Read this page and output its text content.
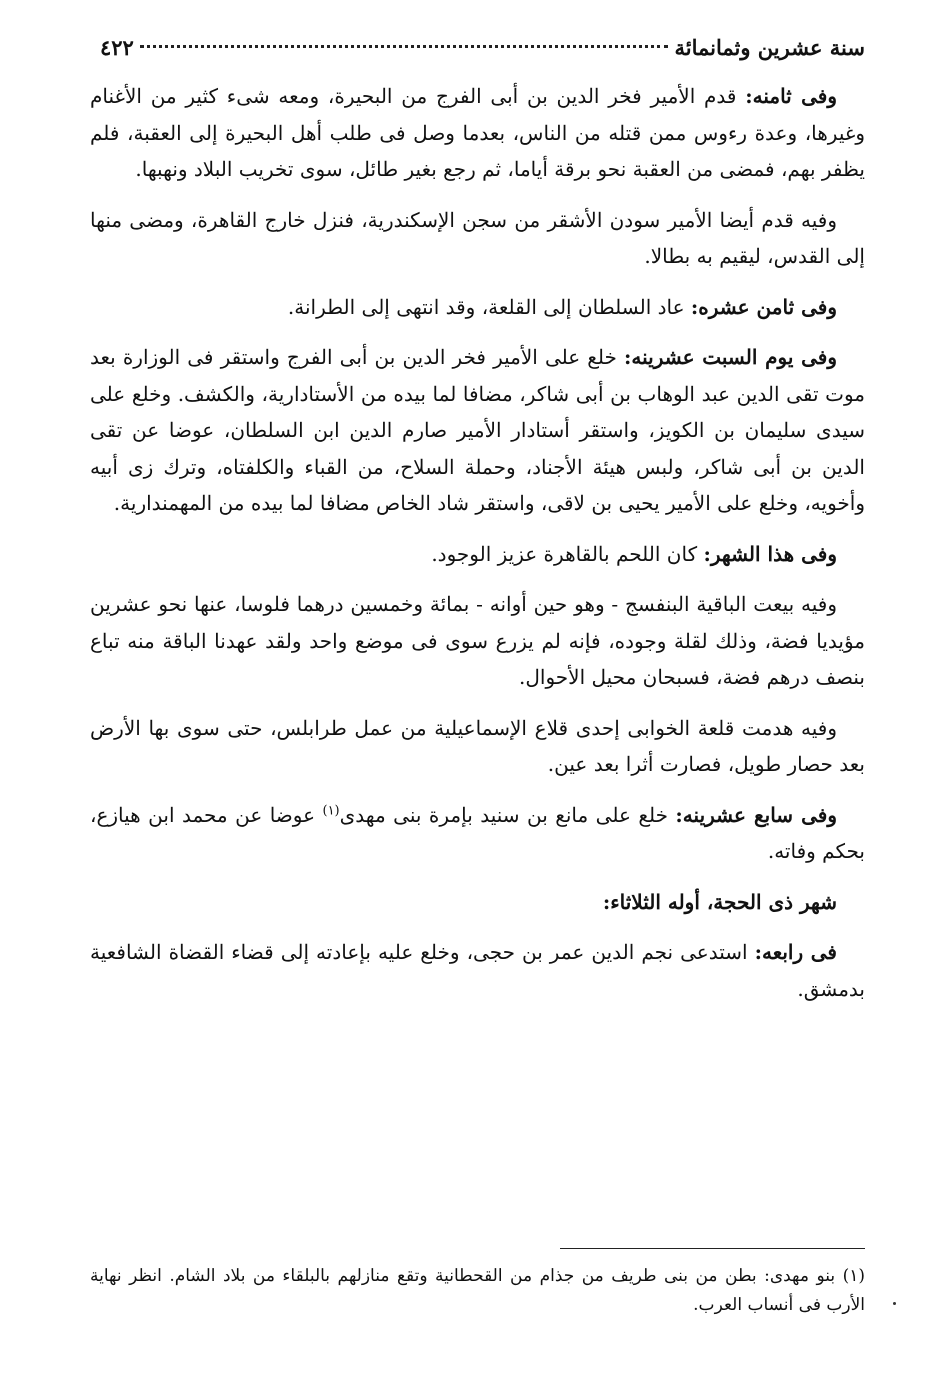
سنة عشرين وثمانمائة
٤٢٢

وفى ثامنه: قدم الأمير فخر الدين بن أبى الفرج من البحيرة، ومعه شىء كثير من الأغنام وغيرها، وعدة رءوس ممن قتله من الناس، بعدما وصل فى طلب أهل البحيرة إلى العقبة، فلم يظفر بهم، فمضى من العقبة نحو برقة أياما، ثم رجع بغير طائل، سوى تخريب البلاد ونهبها.

وفيه قدم أيضا الأمير سودن الأشقر من سجن الإسكندرية، فنزل خارج القاهرة، ومضى منها إلى القدس، ليقيم به بطالا.

وفى ثامن عشره: عاد السلطان إلى القلعة، وقد انتهى إلى الطرانة.

وفى يوم السبت عشرينه: خلع على الأمير فخر الدين بن أبى الفرج واستقر فى الوزارة بعد موت تقى الدين عبد الوهاب بن أبى شاكر، مضافا لما بيده من الأستادارية، والكشف. وخلع على سيدى سليمان بن الكويز، واستقر أستادار الأمير صارم الدين ابن السلطان، عوضا عن تقى الدين بن أبى شاكر، ولبس هيئة الأجناد، وحملة السلاح، من القباء والكلفتاه، وترك زى أبيه وأخويه، وخلع على الأمير يحيى بن لاقى، واستقر شاد الخاص مضافا لما بيده من المهمندارية.

وفى هذا الشهر: كان اللحم بالقاهرة عزيز الوجود.

وفيه بيعت الباقية البنفسج - وهو حين أوانه - بمائة وخمسين درهما فلوسا، عنها نحو عشرين مؤيديا فضة، وذلك لقلة وجوده، فإنه لم يزرع سوى فى موضع واحد ولقد عهدنا الباقة منه تباع بنصف درهم فضة، فسبحان محيل الأحوال.

وفيه هدمت قلعة الخوابى إحدى قلاع الإسماعيلية من عمل طرابلس، حتى سوى بها الأرض بعد حصار طويل، فصارت أثرا بعد عين.

وفى سابع عشرينه: خلع على مانع بن سنيد بإمرة بنى مهدى$^{(١)}$ عوضا عن محمد ابن هيازع، بحكم وفاته.

شهر ذى الحجة، أوله الثلاثاء:

فى رابعه: استدعى نجم الدين عمر بن حجى، وخلع عليه بإعادته إلى قضاء القضاة الشافعية بدمشق.

(١) بنو مهدى: بطن من بنى طريف من جذام من القحطانية وتقع منازلهم بالبلقاء من بلاد الشام. انظر نهاية الأرب فى أنساب العرب.
